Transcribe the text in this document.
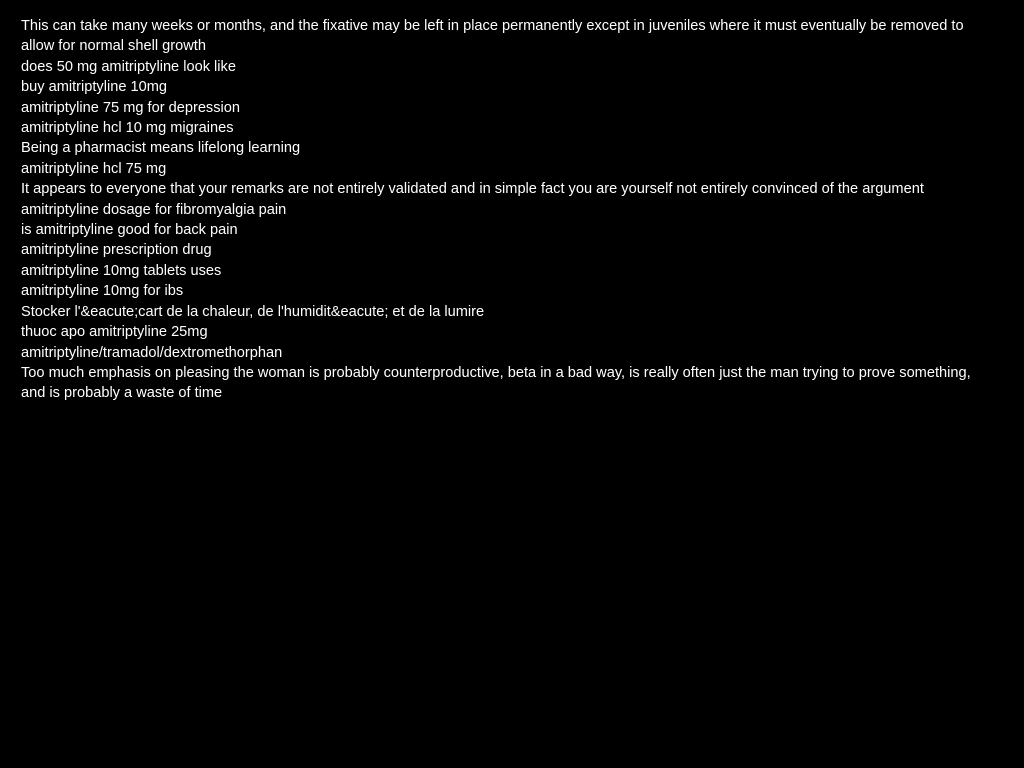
This can take many weeks or months, and the fixative may be left in place permanently except in juveniles where it must eventually be removed to allow for normal shell growth
does 50 mg amitriptyline look like
buy amitriptyline 10mg
amitriptyline 75 mg for depression
amitriptyline hcl 10 mg migraines
Being a pharmacist means lifelong learning
amitriptyline hcl 75 mg
It appears to everyone that your remarks are not entirely validated and in simple fact you are yourself not entirely convinced of the argument
amitriptyline dosage for fibromyalgia pain
is amitriptyline good for back pain
amitriptyline prescription drug
amitriptyline 10mg tablets uses
amitriptyline 10mg for ibs
Stocker l'&eacute;cart de la chaleur, de l'humidit&eacute; et de la lumire
thuoc apo amitriptyline 25mg
amitriptyline/tramadol/dextromethorphan
Too much emphasis on pleasing the woman is probably counterproductive, beta in a bad way, is really often just the man trying to prove something, and is probably a waste of time
